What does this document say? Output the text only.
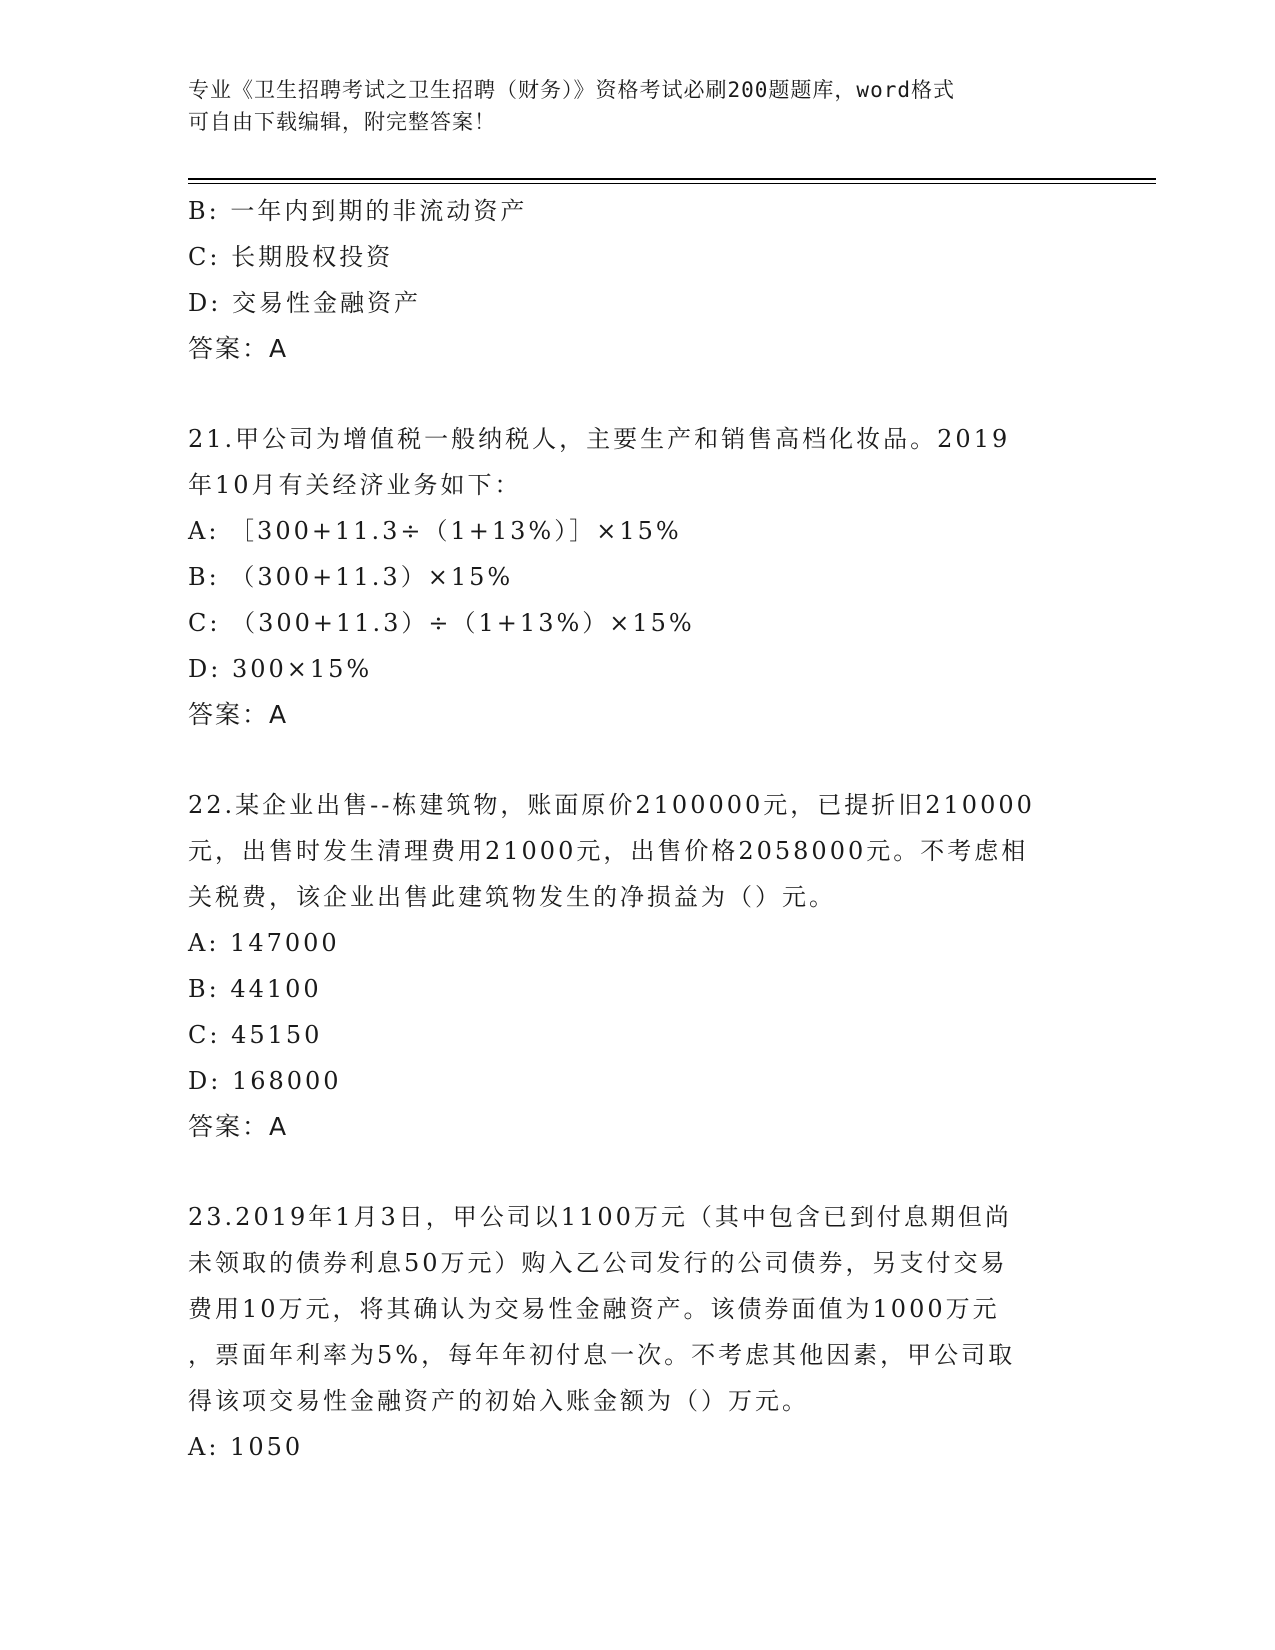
专业《卫生招聘考试之卫生招聘（财务）》资格考试必刷200题题库，word格式
可自由下载编辑，附完整答案！

B: 一年内到期的非流动资产

C: 长期股权投资

D: 交易性金融资产

答案：A

21.甲公司为增值税一般纳税人，主要生产和销售高档化妆品。2019

年10月有关经济业务如下：

A: ［300+11.3÷（1+13%）］×15%

B: （300+11.3）×15%

C: （300+11.3）÷（1+13%）×15%

D: 300×15%

答案：A

22.某企业出售--栋建筑物，账面原价2100000元，已提折旧210000

元，出售时发生清理费用21000元，出售价格2058000元。不考虑相

关税费，该企业出售此建筑物发生的净损益为（）元。

A: 147000

B: 44100

C: 45150

D: 168000

答案：A

23.2019年1月3日，甲公司以1100万元（其中包含已到付息期但尚

未领取的债券利息50万元）购入乙公司发行的公司债券，另支付交易

费用10万元，将其确认为交易性金融资产。该债券面值为1000万元

，票面年利率为5%，每年年初付息一次。不考虑其他因素，甲公司取

得该项交易性金融资产的初始入账金额为（）万元。

A: 1050
